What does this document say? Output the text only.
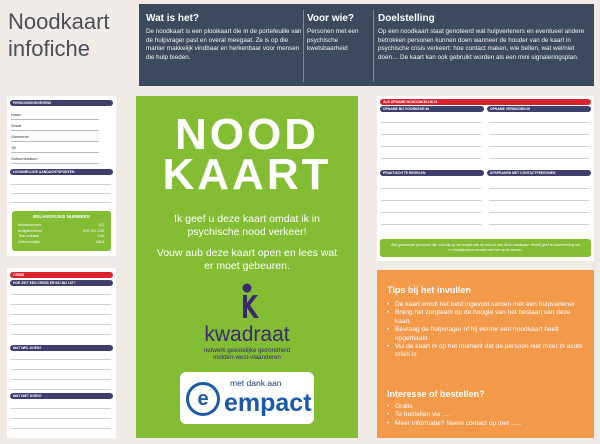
Noodkaart
infofiche
Wat is het?

De noodkaart is een plooikaart die in de portefeuille van de hulpvrager past en overal meegaat. Ze is op die manier makkelijk vindbaar en herkenbaar voor mensen die hulp bieden.

Voor wie?

Personen met een psychische kwetsbaarheid

Doelstelling

Op een noodkaart staat genoteerd wat hulpverleners en eventueel andere betrokken personen kunnen doen wanneer de houder van de kaart in psychische crisis verkeert: hoe contact maken, wie bellen, wat wel/niet doen… De kaart kan ook gebruikt worden als een mini signaleringsplan.

PERSOONSGEGEVENS
Naam
Straat
Gemeente
Tel
Geboortedatum
LICHAMELIJKE AANDACHTSPUNTEN
BELANGRIJKE NUMMERS
Noodnummer	112
Antigifcentrum	070 245 245
Tele-onthaal	106
Zelfmoordlijn	1813
CRISIS
HOE ZIET EEN CRISIS ER BIJ MIJ UIT?
WAT WEL DOEN?
WAT NIET DOEN?
NOOD
KAART
Ik geef u deze kaart omdat ik in psychische nood verkeer!
Vouw aub deze kaart open en lees wat er moet gebeuren.
kwadraat
netwerk geestelijke gezondheid
midden-west-vlaanderen
met dank aan
e empact
ALS OPNAME NOODZAKELIJK IS
OPNAME BIJ VOORKEUR IN	OPNAME VERMIJDEN IN
PRAKTISCH TE REGELEN	AFSPRAKEN MET CONTACTPERSONEN
Alle genoemde personen zijn volledig op de hoogte van de inhoud van deze noodkaart. Hierbij geef ik toestemming om in crisissituaties contact met hen op te nemen.
Tips bij het invullen
• De kaart wordt het best ingevuld samen met een hulpverlener
• Breng het zorgteam op de hoogte van het bestaan van deze kaart
• Bevraag de hulpvrager of hij eerder een noodkaart heeft opgemaakt
• Vul de kaart in op het moment dat de persoon niet meer in acute crisis is
Interesse of bestellen?
• Gratis
• Te bestellen via ….
• Meer informatie? Neem contact op met …..
